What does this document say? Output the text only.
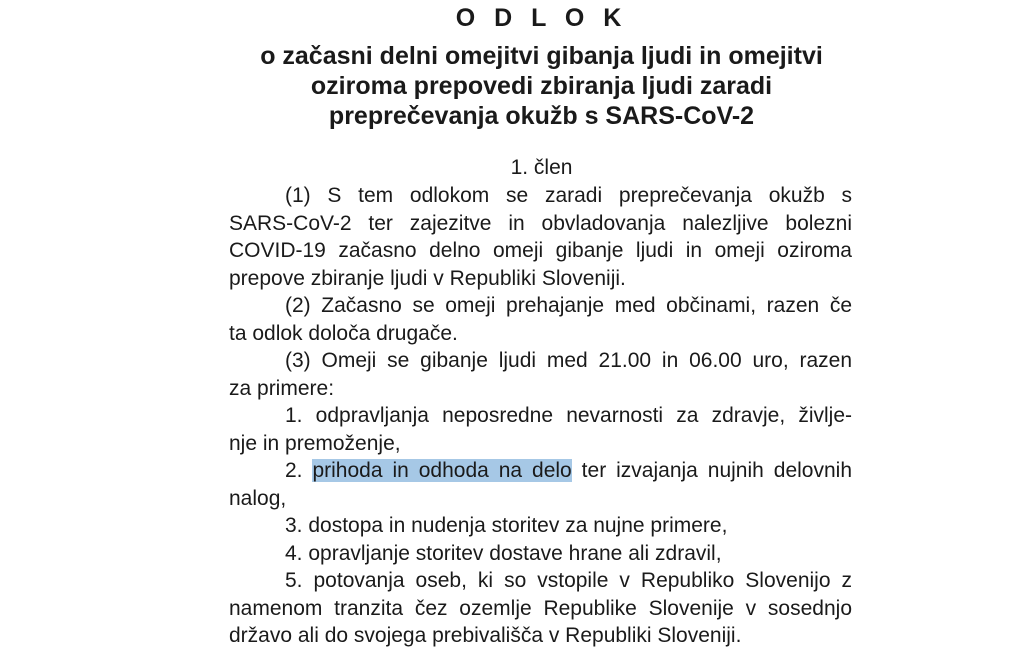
O D L O K
o začasni delni omejitvi gibanja ljudi in omejitvi
oziroma prepovedi zbiranja ljudi zaradi
preprečevanja okužb s SARS-CoV-2
1. člen
(1) S tem odlokom se zaradi preprečevanja okužb s
SARS-CoV-2 ter zajezitve in obvladovanja nalezljive bolezni
COVID-19 začasno delno omeji gibanje ljudi in omeji oziroma
prepove zbiranje ljudi v Republiki Sloveniji.
(2) Začasno se omeji prehajanje med občinami, razen če
ta odlok določa drugače.
(3) Omeji se gibanje ljudi med 21.00 in 06.00 uro, razen
za primere:
1. odpravljanja neposredne nevarnosti za zdravje, življe-
nje in premoženje,
2. prihoda in odhoda na delo ter izvajanja nujnih delovnih
nalog,
3. dostopa in nudenja storitev za nujne primere,
4. opravljanje storitev dostave hrane ali zdravil,
5. potovanja oseb, ki so vstopile v Republiko Slovenijo z
namenom tranzita čez ozemlje Republike Slovenije v sosednjo
državo ali do svojega prebivališča v Republiki Sloveniji.
